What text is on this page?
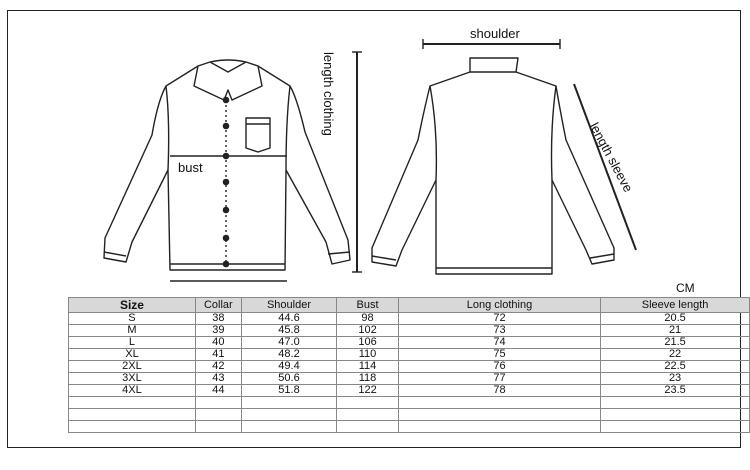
shoulder
length clothing
bust	length sleeve
CM
Size	Collar	Shoulder	Bust	Long clothing	Sleeve length
S	38	44.6	98	72	20.5
M	39	45.8	102	73	21
L	40	47.0	106	74	21.5
XL	41	48.2	110	75	22
2XL	42	49.4	114	76	22.5
3XL	43	50.6	118	77	23
4XL	44	51.8	122	78	23.5
